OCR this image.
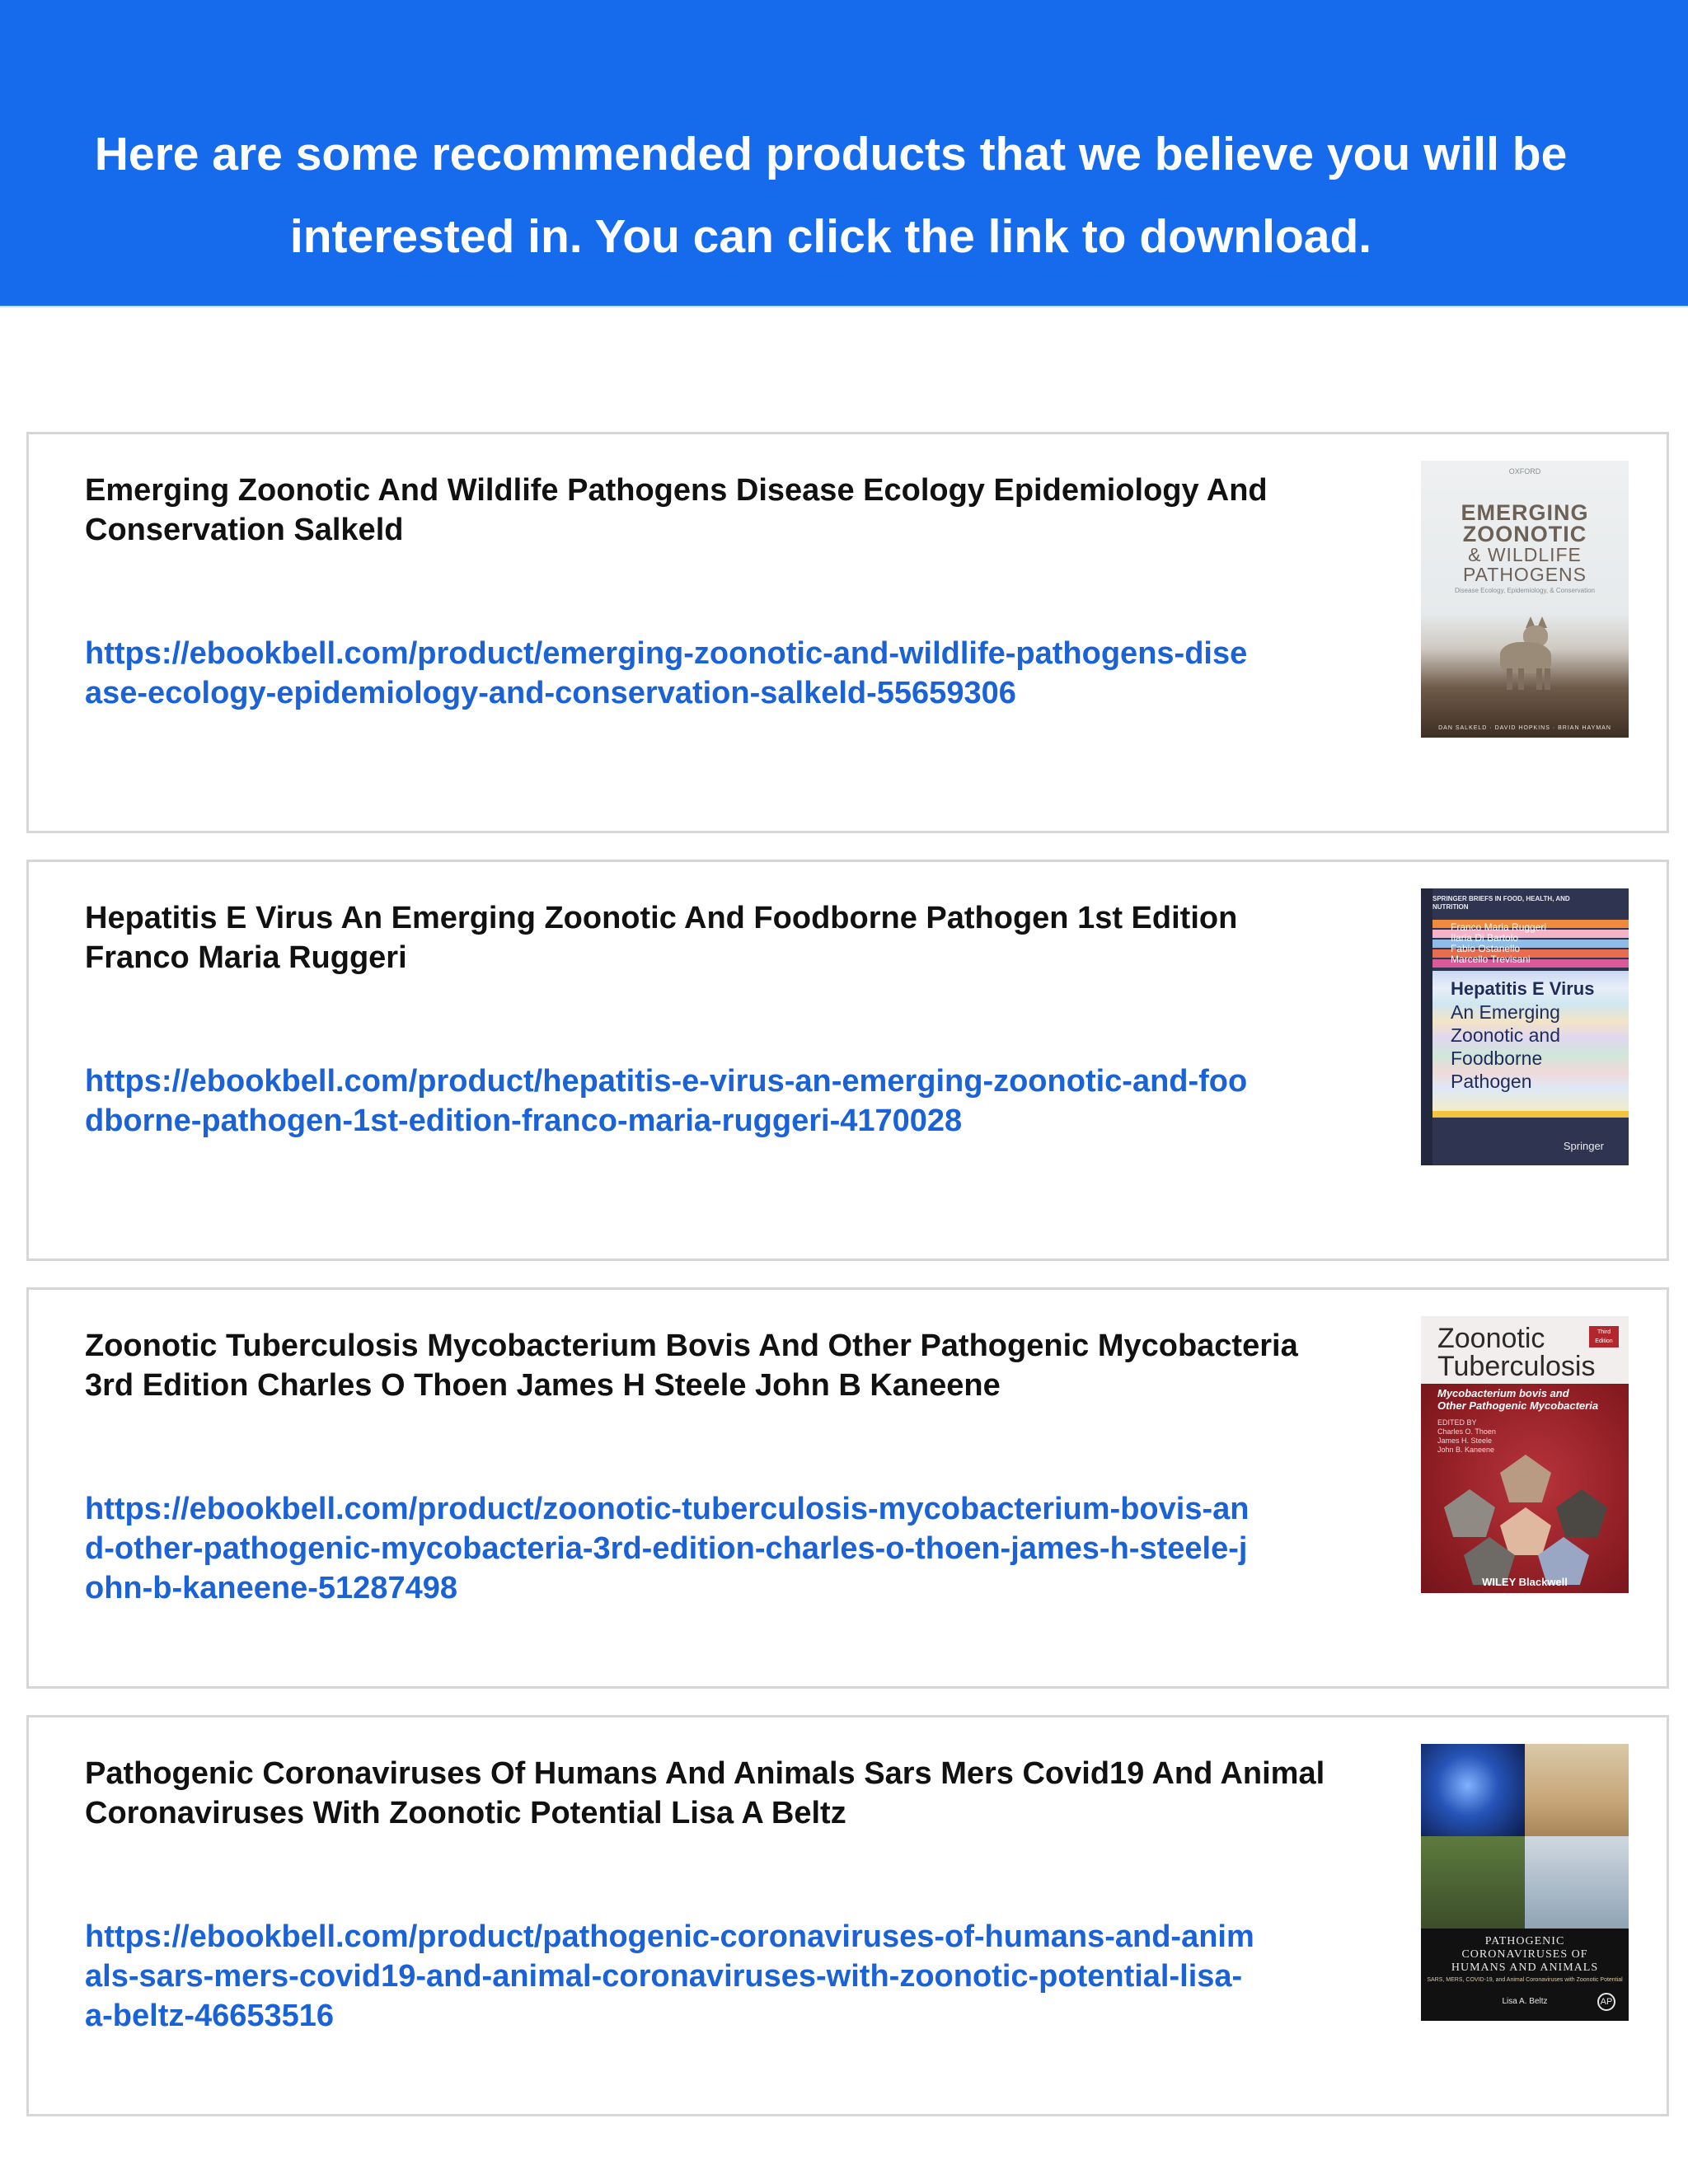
Here are some recommended products that we believe you will be
interested in. You can click the link to download.
Emerging Zoonotic And Wildlife Pathogens Disease Ecology Epidemiology And Conservation Salkeld
https://ebookbell.com/product/emerging-zoonotic-and-wildlife-pathogens-disease-ecology-epidemiology-and-conservation-salkeld-55659306
OXFORD
EMERGING
ZOONOTIC
& WILDLIFE
PATHOGENS
Disease Ecology, Epidemiology, & Conservation
DAN SALKELD · DAVID HOPKINS · BRIAN HAYMAN
Hepatitis E Virus An Emerging Zoonotic And Foodborne Pathogen 1st Edition Franco Maria Ruggeri
https://ebookbell.com/product/hepatitis-e-virus-an-emerging-zoonotic-and-foodborne-pathogen-1st-edition-franco-maria-ruggeri-4170028
SPRINGER BRIEFS IN FOOD, HEALTH, AND NUTRITION
Franco Maria Ruggeri
Ilaria Di Bartolo
Fabio Ostanello
Marcello Trevisani
Hepatitis E Virus
An Emerging
Zoonotic and
Foodborne
Pathogen
Springer
Zoonotic Tuberculosis Mycobacterium Bovis And Other Pathogenic Mycobacteria 3rd Edition Charles O Thoen James H Steele John B Kaneene
https://ebookbell.com/product/zoonotic-tuberculosis-mycobacterium-bovis-and-other-pathogenic-mycobacteria-3rd-edition-charles-o-thoen-james-h-steele-john-b-kaneene-51287498
Zoonotic
Tuberculosis
Third Edition
Mycobacterium bovis and
Other Pathogenic Mycobacteria
EDITED BY
Charles O. Thoen
James H. Steele
John B. Kaneene
WILEY Blackwell
Pathogenic Coronaviruses Of Humans And Animals Sars Mers Covid19 And Animal Coronaviruses With Zoonotic Potential Lisa A Beltz
https://ebookbell.com/product/pathogenic-coronaviruses-of-humans-and-animals-sars-mers-covid19-and-animal-coronaviruses-with-zoonotic-potential-lisa-a-beltz-46653516
PATHOGENIC
CORONAVIRUSES OF
HUMANS AND ANIMALS
SARS, MERS, COVID-19, and Animal Coronaviruses with Zoonotic Potential
Lisa A. Beltz	AP
